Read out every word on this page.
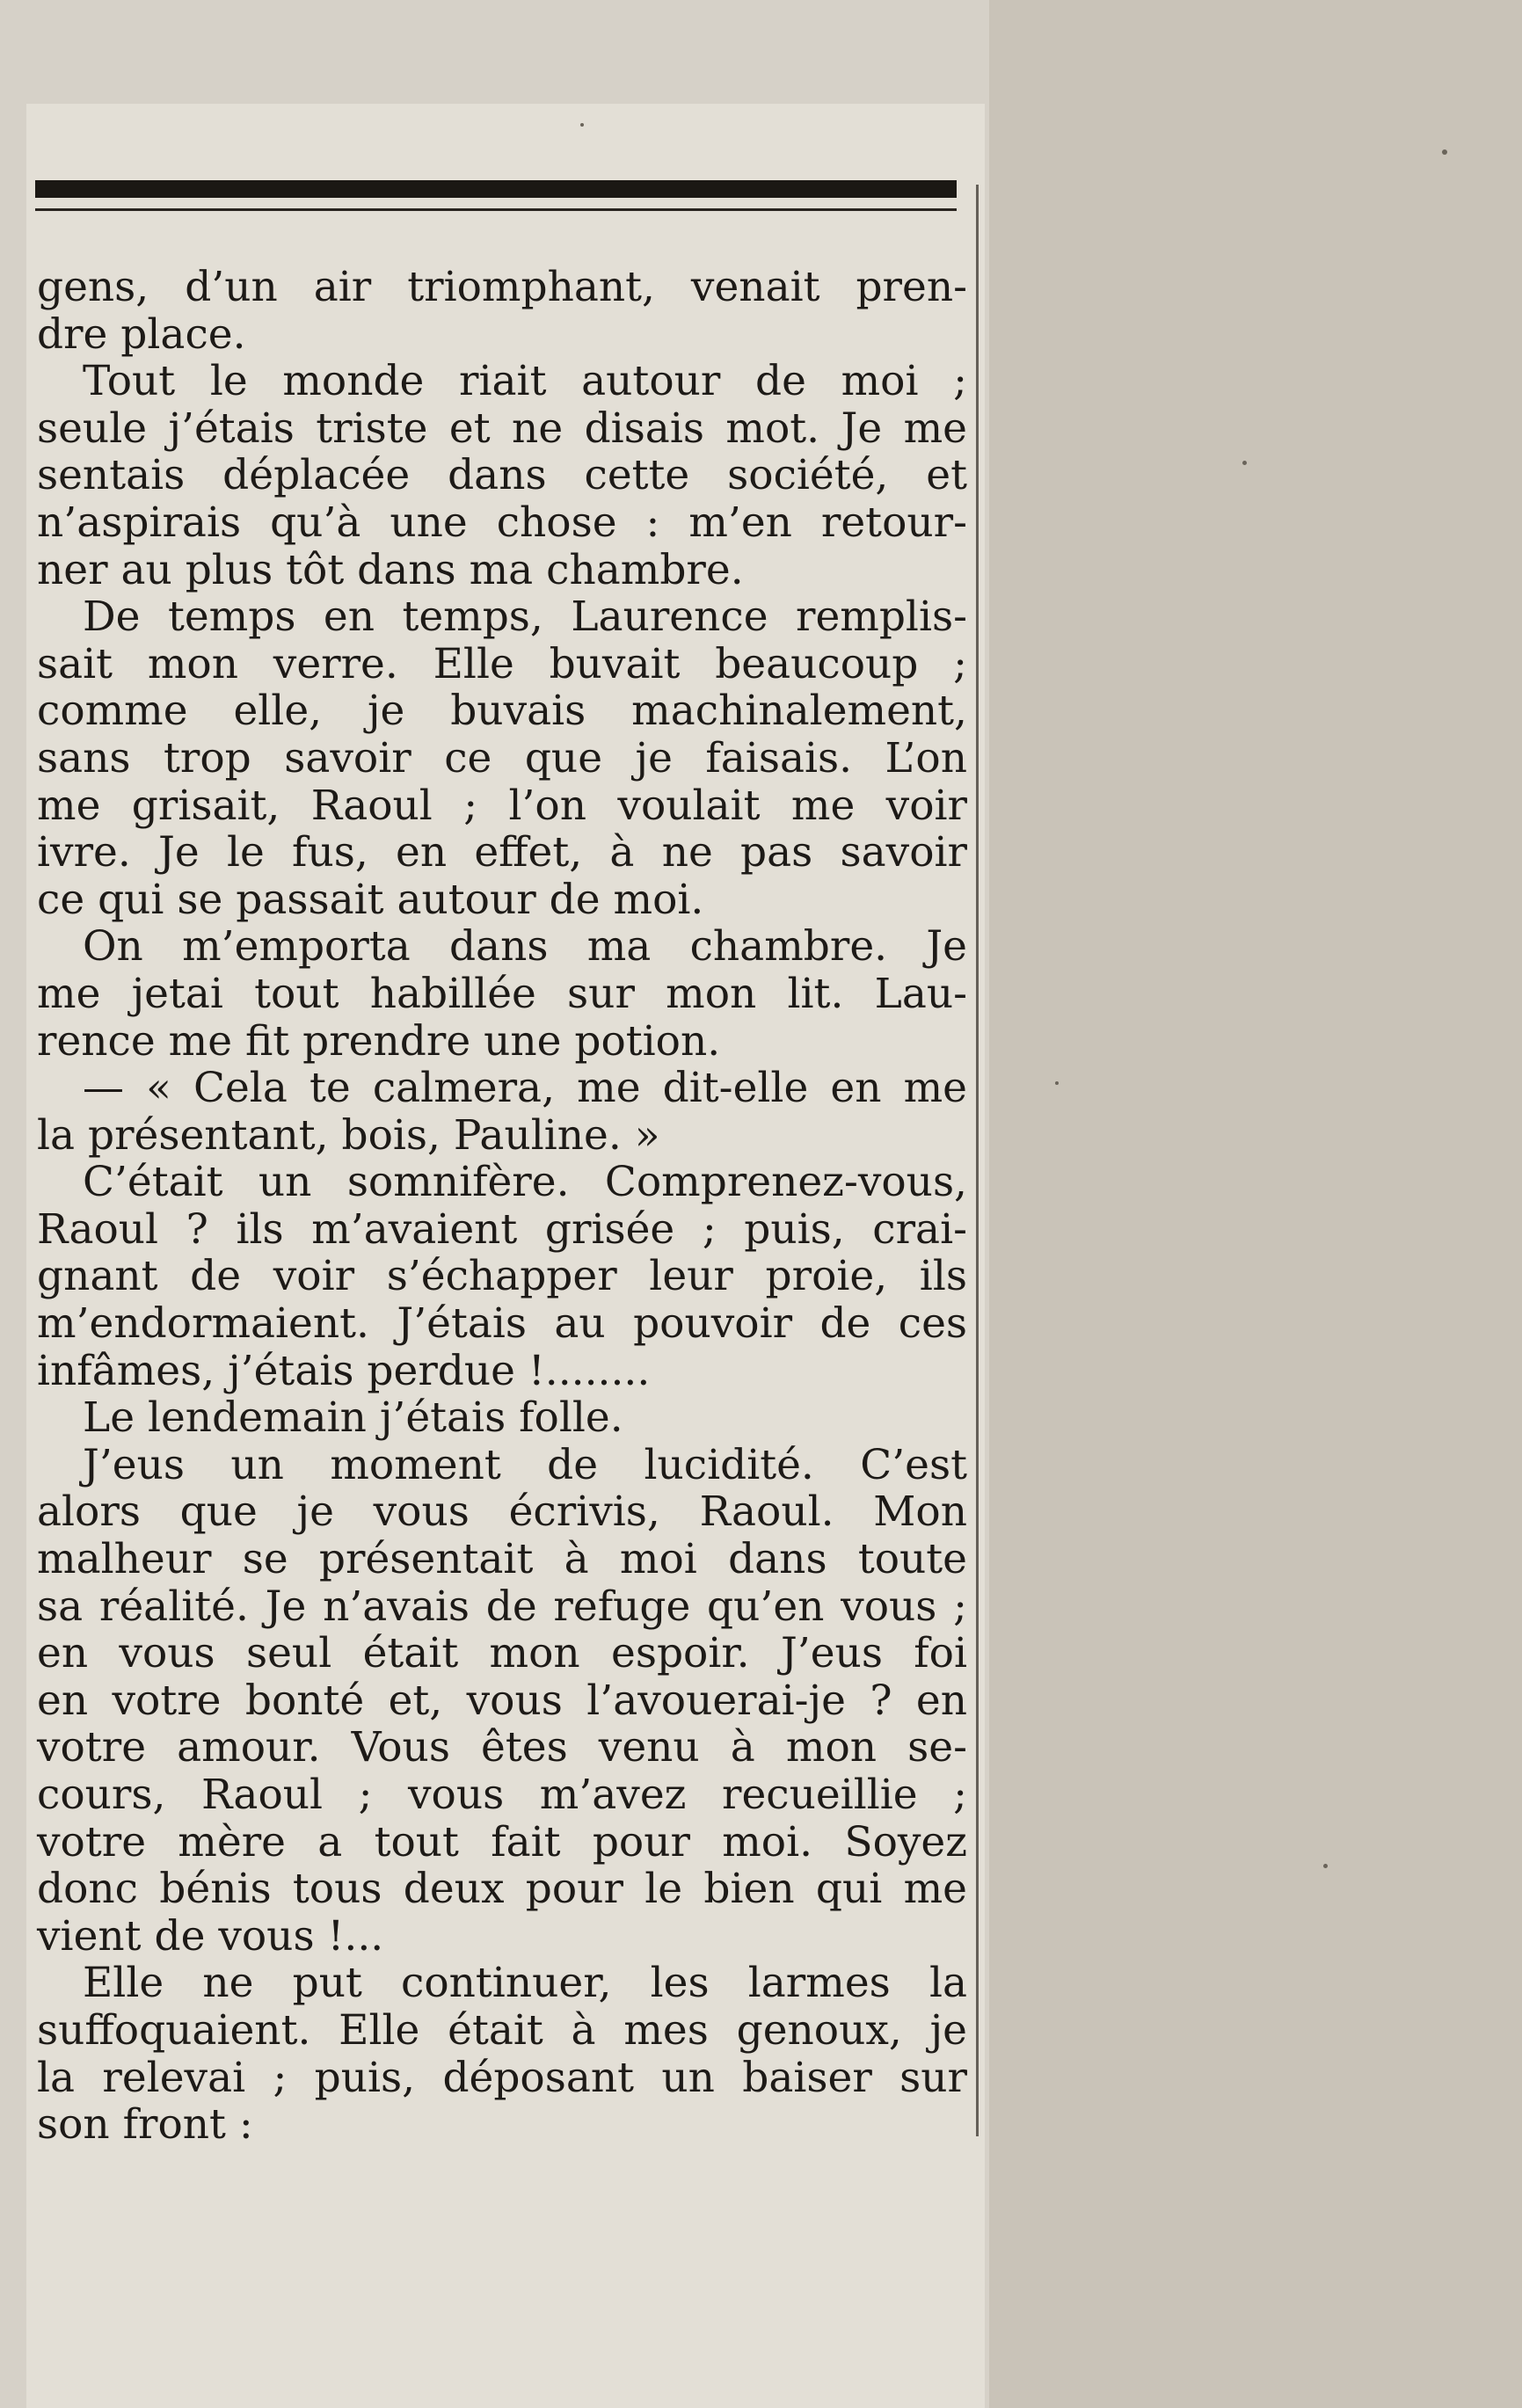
gens, d’un air triomphant, venait pren-
dre place.
Tout le monde riait autour de moi ;
seule j’étais triste et ne disais mot. Je me
sentais déplacée dans cette société, et
n’aspirais qu’à une chose : m’en retour-
ner au plus tôt dans ma chambre.
De temps en temps, Laurence remplis-
sait mon verre. Elle buvait beaucoup ;
comme elle, je buvais machinalement,
sans trop savoir ce que je faisais. L’on
me grisait, Raoul ; l’on voulait me voir
ivre. Je le fus, en effet, à ne pas savoir
ce qui se passait autour de moi.
On m’emporta dans ma chambre. Je
me jetai tout habillée sur mon lit. Lau-
rence me fit prendre une potion.
— « Cela te calmera, me dit-elle en me
la présentant, bois, Pauline. »
C’était un somnifère. Comprenez-vous,
Raoul ? ils m’avaient grisée ; puis, crai-
gnant de voir s’échapper leur proie, ils
m’endormaient. J’étais au pouvoir de ces
infâmes, j’étais perdue !........
Le lendemain j’étais folle.
J’eus un moment de lucidité. C’est
alors que je vous écrivis, Raoul. Mon
malheur se présentait à moi dans toute
sa réalité. Je n’avais de refuge qu’en vous ;
en vous seul était mon espoir. J’eus foi
en votre bonté et, vous l’avouerai-je ? en
votre amour. Vous êtes venu à mon se-
cours, Raoul ; vous m’avez recueillie ;
votre mère a tout fait pour moi. Soyez
donc bénis tous deux pour le bien qui me
vient de vous !...
Elle ne put continuer, les larmes la
suffoquaient. Elle était à mes genoux, je
la relevai ; puis, déposant un baiser sur
son front :
